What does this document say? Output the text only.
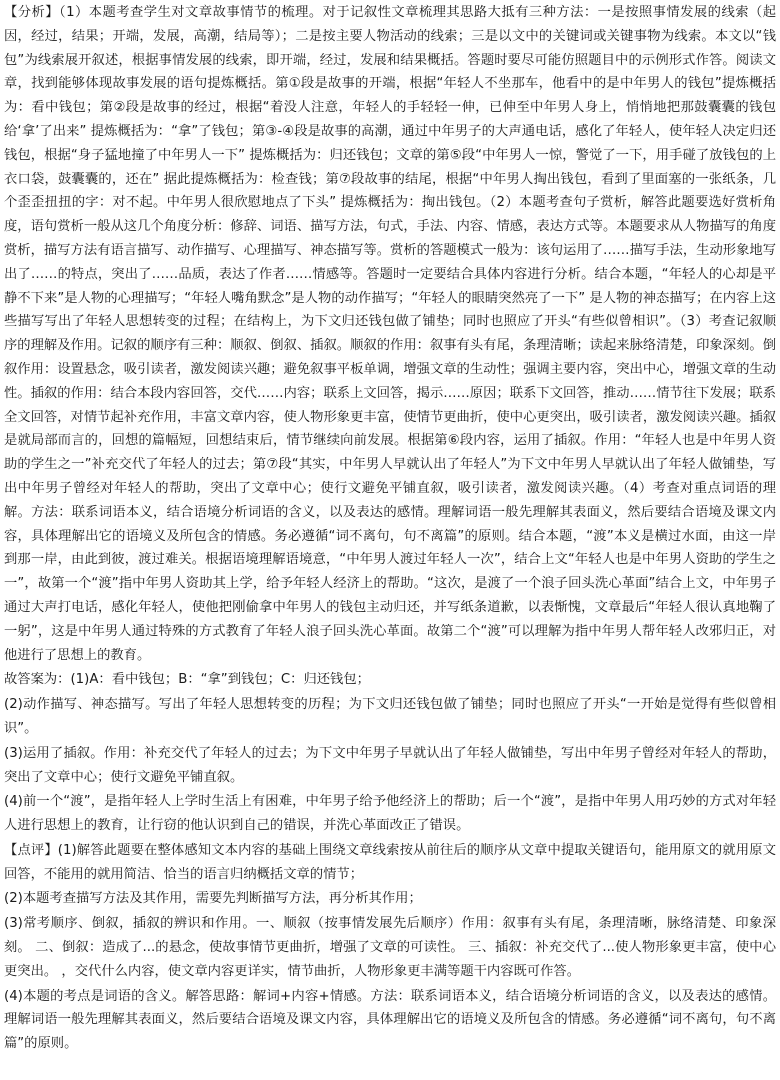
【分析】（1）本题考查学生对文章故事情节的梳理。对于记叙性文章梳理其思路大抵有三种方法：一是按照事情发展的线索（起因，经过，结果；开端，发展，高潮，结局等）；二是按主要人物活动的线索；三是以文中的关键词或关键事物为线索。本文以“钱包”为线索展开叙述，根据事情发展的线索，即开端，经过，发展和结果概括。答题时要尽可能仿照题目中的示例形式作答。阅读文章，找到能够体现故事发展的语句提炼概括。第①段是故事的开端，根据“年轻人不坐那车，他看中的是中年男人的钱包”提炼概括为：看中钱包；第②段是故事的经过，根据“着没人注意，年轻人的手轻轻一伸，已伸至中年男人身上，悄悄地把那鼓囊囊的钱包给‘拿’了出来” 提炼概括为：“拿”了钱包；第③-④段是故事的高潮，通过中年男子的大声通电话，感化了年轻人，使年轻人决定归还钱包，根据“身子猛地撞了中年男人一下” 提炼概括为：归还钱包；文章的第⑤段“中年男人一惊，警觉了一下，用手碰了放钱包的上衣口袋，鼓囊囊的，还在” 据此提炼概括为：检查钱；第⑦段故事的结尾，根据“中年男人掏出钱包，看到了里面塞的一张纸条，几个歪歪扭扭的字：对不起。中年男人很欣慰地点了下头” 提炼概括为：掏出钱包。（2）本题考查句子赏析，解答此题要选好赏析角度，语句赏析一般从这几个角度分析：修辞、词语、描写方法，句式，手法、内容、情感，表达方式等。本题要求从人物描写的角度赏析，描写方法有语言描写、动作描写、心理描写、神态描写等。赏析的答题模式一般为：该句运用了……描写手法，生动形象地写出了……的特点，突出了……品质，表达了作者……情感等。答题时一定要结合具体内容进行分析。结合本题，“年轻人的心却是平静不下来”是人物的心理描写；“年轻人嘴角默念”是人物的动作描写；“年轻人的眼睛突然亮了一下” 是人物的神态描写；在内容上这些描写写出了年轻人思想转变的过程；在结构上，为下文归还钱包做了铺垫；同时也照应了开头“有些似曾相识”。（3）考查记叙顺序的理解及作用。记叙的顺序有三种：顺叙、倒叙、插叙。顺叙的作用：叙事有头有尾，条理清晰；读起来脉络清楚，印象深刻。倒叙作用：设置悬念，吸引读者，激发阅读兴趣；避免叙事平板单调，增强文章的生动性；强调主要内容，突出中心，增强文章的生动性。插叙的作用：结合本段内容回答，交代……内容；联系上文回答，揭示……原因；联系下文回答，推动……情节往下发展；联系全文回答，对情节起补充作用，丰富文章内容，使人物形象更丰富，使情节更曲折，使中心更突出，吸引读者，激发阅读兴趣。插叙是就局部而言的，回想的篇幅短，回想结束后，情节继续向前发展。根据第⑥段内容，运用了插叙。作用：“年轻人也是中年男人资助的学生之一”补充交代了年轻人的过去；第⑦段“其实，中年男人早就认出了年轻人”为下文中年男人早就认出了年轻人做铺垫，写出中年男子曾经对年轻人的帮助，突出了文章中心；使行文避免平铺直叙，吸引读者，激发阅读兴趣。（4）考查对重点词语的理解。方法：联系词语本义，结合语境分析词语的含义，以及表达的感情。理解词语一般先理解其表面义，然后要结合语境及课文内容，具体理解出它的语境义及所包含的情感。务必遵循“词不离句，句不离篇”的原则。结合本题，“渡”本义是横过水面，由这一岸到那一岸，由此到彼，渡过难关。根据语境理解语境意，“中年男人渡过年轻人一次”，结合上文“年轻人也是中年男人资助的学生之一”，故第一个“渡”指中年男人资助其上学，给予年轻人经济上的帮助。“这次，是渡了一个浪子回头洗心革面”结合上文，中年男子通过大声打电话，感化年轻人，使他把刚偷拿中年男人的钱包主动归还，并写纸条道歉，以表惭愧，文章最后“年轻人很认真地鞠了一躬”，这是中年男人通过特殊的方式教育了年轻人浪子回头洗心革面。故第二个“渡”可以理解为指中年男人帮年轻人改邪归正，对他进行了思想上的教育。

故答案为：(1)A：看中钱包；B：“拿”到钱包；C：归还钱包；

(2)动作描写、神态描写。写出了年轻人思想转变的历程；为下文归还钱包做了铺垫；同时也照应了开头“一开始是觉得有些似曾相识”。

(3)运用了插叙。作用：补充交代了年轻人的过去；为下文中年男子早就认出了年轻人做铺垫，写出中年男子曾经对年轻人的帮助，突出了文章中心；使行文避免平铺直叙。

(4)前一个“渡”，是指年轻人上学时生活上有困难，中年男子给予他经济上的帮助；后一个“渡”，是指中年男人用巧妙的方式对年轻人进行思想上的教育，让行窃的他认识到自己的错误，并洗心革面改正了错误。

【点评】(1)解答此题要在整体感知文本内容的基础上围绕文章线索按从前往后的顺序从文章中提取关键语句，能用原文的就用原文回答，不能用的就用简洁、恰当的语言归纳概括文章的情节；

(2)本题考查描写方法及其作用，需要先判断描写方法，再分析其作用；

(3)常考顺序、倒叙，插叙的辨识和作用。一、顺叙（按事情发展先后顺序）作用：叙事有头有尾，条理清晰，脉络清楚、印象深刻。 二、倒叙：造成了...的悬念，使故事情节更曲折，增强了文章的可读性。 三、插叙：补充交代了...使人物形象更丰富，使中心更突出。 ，交代什么内容，使文章内容更详实，情节曲折，人物形象更丰满等题干内容既可作答。

(4)本题的考点是词语的含义。解答思路：解词+内容+情感。方法：联系词语本义，结合语境分析词语的含义，以及表达的感情。理解词语一般先理解其表面义，然后要结合语境及课文内容，具体理解出它的语境义及所包含的情感。务必遵循“词不离句，句不离篇”的原则。
